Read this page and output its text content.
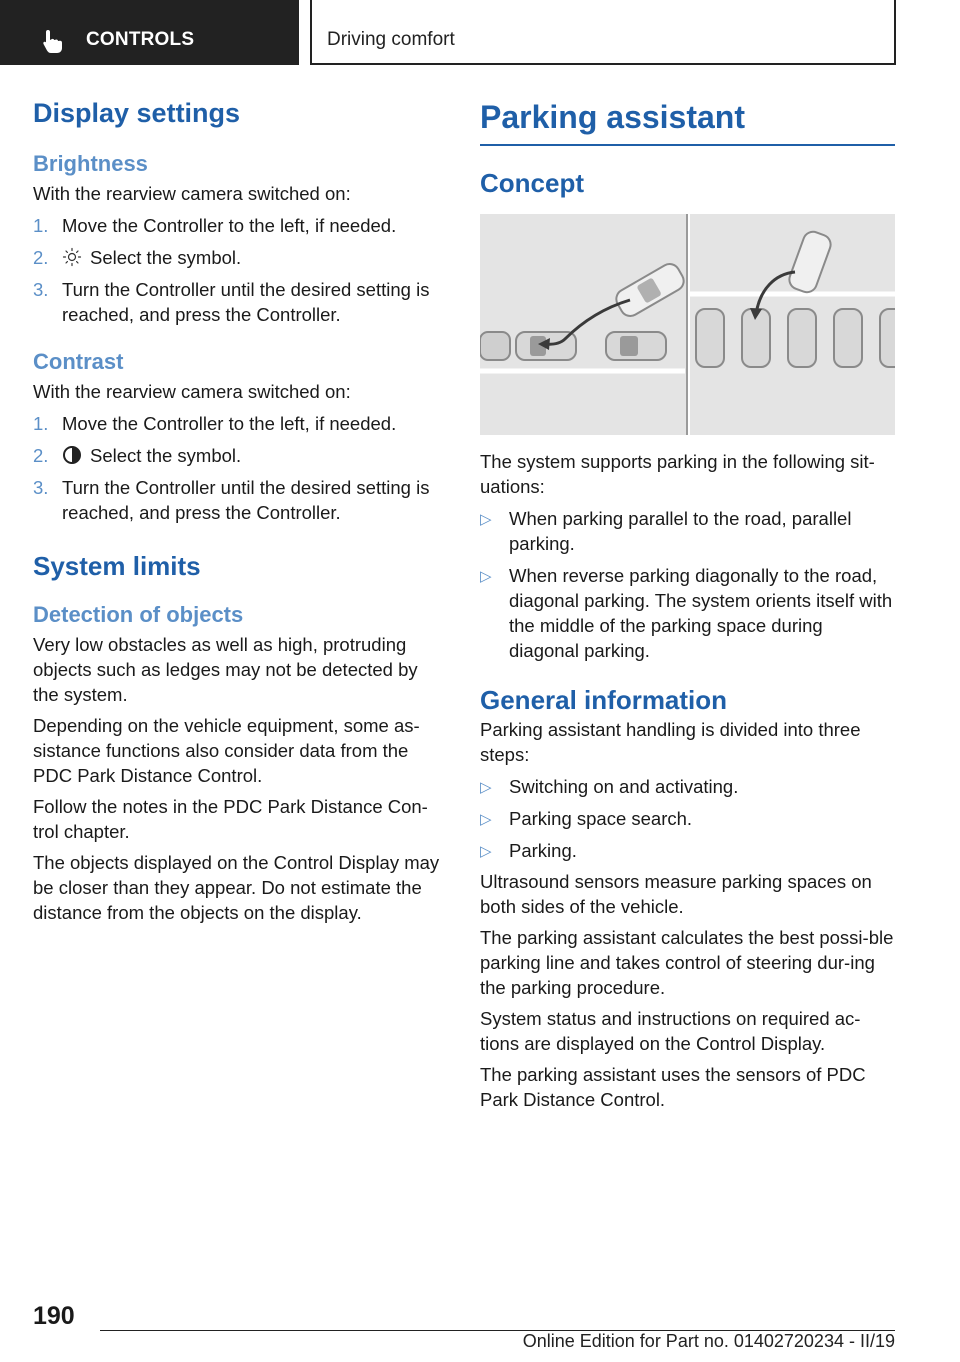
CONTROLS	Driving comfort
Display settings
Brightness
With the rearview camera switched on:
1. Move the Controller to the left, if needed.
2. Select the symbol.
3. Turn the Controller until the desired setting is reached, and press the Controller.
Contrast
With the rearview camera switched on:
1. Move the Controller to the left, if needed.
2. Select the symbol.
3. Turn the Controller until the desired setting is reached, and press the Controller.
System limits
Detection of objects
Very low obstacles as well as high, protruding objects such as ledges may not be detected by the system.
Depending on the vehicle equipment, some as-sistance functions also consider data from the PDC Park Distance Control.
Follow the notes in the PDC Park Distance Con-trol chapter.
The objects displayed on the Control Display may be closer than they appear. Do not estimate the distance from the objects on the display.
Parking assistant
Concept
The system supports parking in the following sit-uations:
▷ When parking parallel to the road, parallel parking.
▷ When reverse parking diagonally to the road, diagonal parking. The system orients itself with the middle of the parking space during diagonal parking.
General information
Parking assistant handling is divided into three steps:
▷ Switching on and activating.
▷ Parking space search.
▷ Parking.
Ultrasound sensors measure parking spaces on both sides of the vehicle.
The parking assistant calculates the best possi-ble parking line and takes control of steering dur-ing the parking procedure.
System status and instructions on required ac-tions are displayed on the Control Display.
The parking assistant uses the sensors of PDC Park Distance Control.
190
Online Edition for Part no. 01402720234 - II/19
